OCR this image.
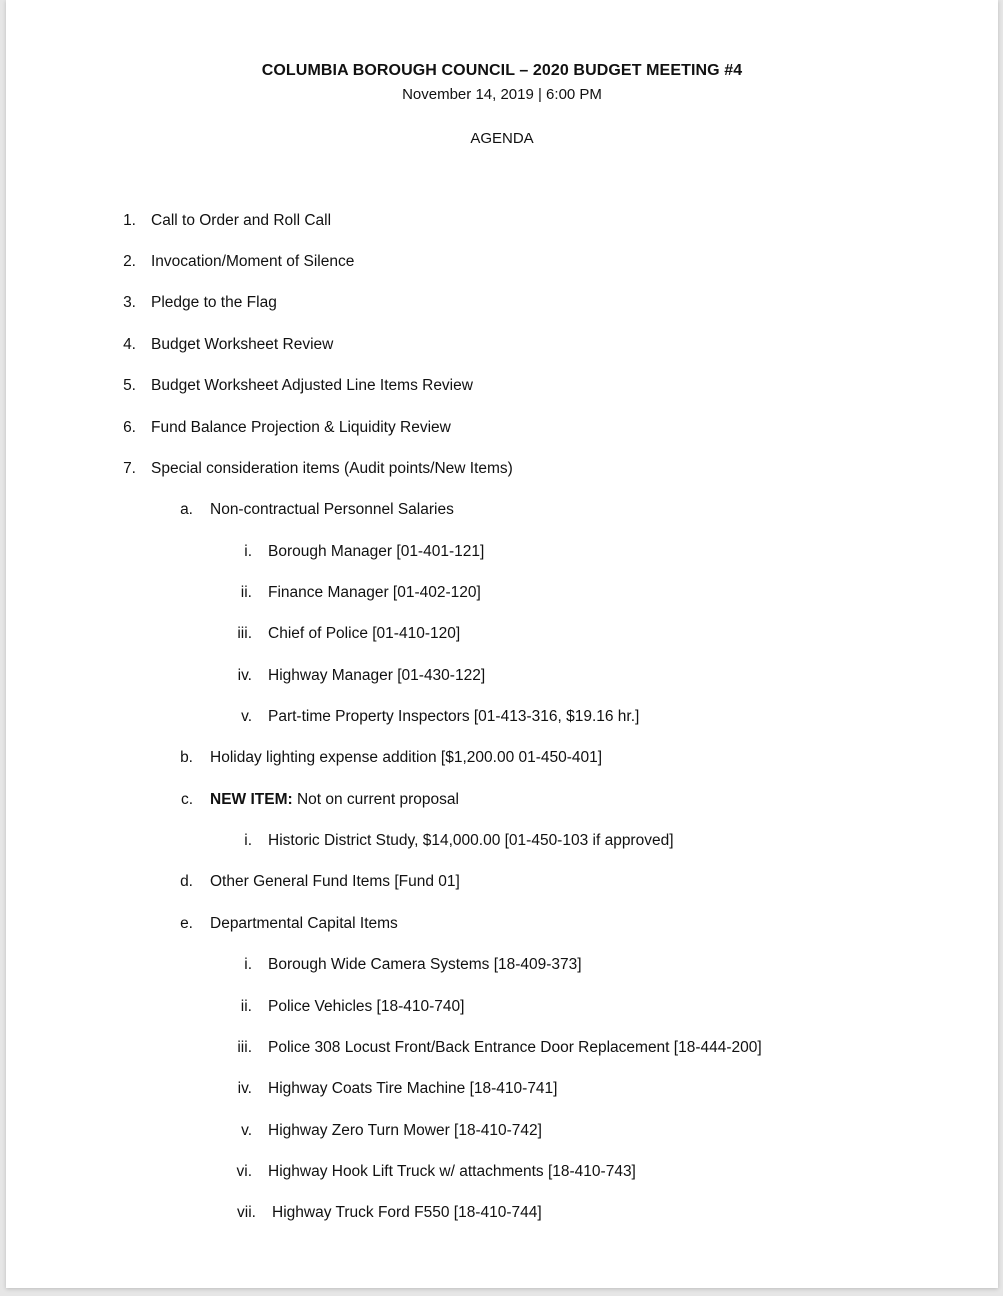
COLUMBIA BOROUGH COUNCIL – 2020 BUDGET MEETING #4
November 14, 2019 | 6:00 PM
AGENDA
1. Call to Order and Roll Call
2. Invocation/Moment of Silence
3. Pledge to the Flag
4. Budget Worksheet Review
5. Budget Worksheet Adjusted Line Items Review
6. Fund Balance Projection & Liquidity Review
7. Special consideration items (Audit points/New Items)
a. Non-contractual Personnel Salaries
i. Borough Manager [01-401-121]
ii. Finance Manager [01-402-120]
iii. Chief of Police [01-410-120]
iv. Highway Manager [01-430-122]
v. Part-time Property Inspectors [01-413-316, $19.16 hr.]
b. Holiday lighting expense addition [$1,200.00 01-450-401]
c. NEW ITEM: Not on current proposal
i. Historic District Study, $14,000.00 [01-450-103 if approved]
d. Other General Fund Items [Fund 01]
e. Departmental Capital Items
i. Borough Wide Camera Systems [18-409-373]
ii. Police Vehicles [18-410-740]
iii. Police 308 Locust Front/Back Entrance Door Replacement [18-444-200]
iv. Highway Coats Tire Machine [18-410-741]
v. Highway Zero Turn Mower [18-410-742]
vi. Highway Hook Lift Truck w/ attachments [18-410-743]
vii. Highway Truck Ford F550 [18-410-744]
